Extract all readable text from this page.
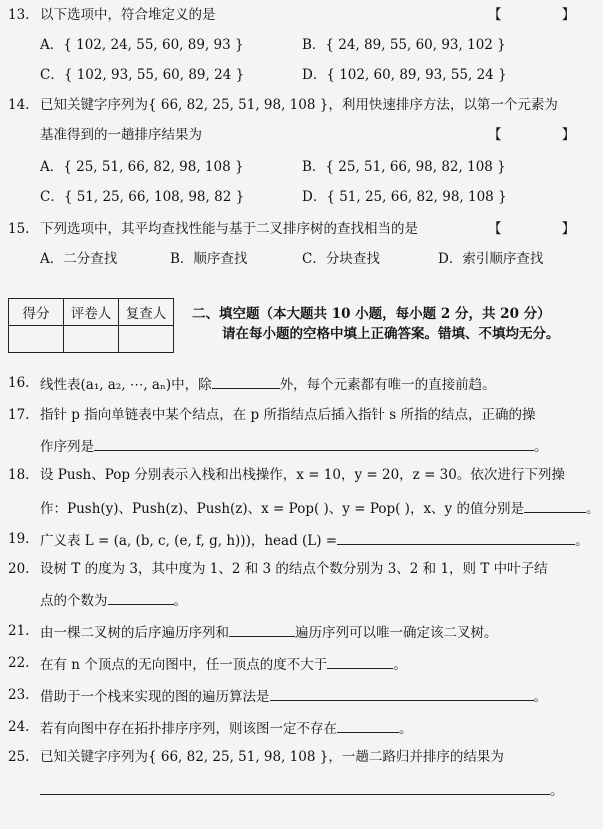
13. 以下选项中，符合堆定义的是	【 】
A．{ 102, 24, 55, 60, 89, 93 }	B．{ 24, 89, 55, 60, 93, 102 }
C．{ 102, 93, 55, 60, 89, 24 }	D．{ 102, 60, 89, 93, 55, 24 }
14. 已知关键字序列为{ 66, 82, 25, 51, 98, 108 }，利用快速排序方法，以第一个元素为
基准得到的一趟排序结果为	【 】
A．{ 25, 51, 66, 82, 98, 108 }	B．{ 25, 51, 66, 98, 82, 108 }
C．{ 51, 25, 66, 108, 98, 82 }	D．{ 51, 25, 66, 82, 98, 108 }
15. 下列选项中，其平均查找性能与基于二叉排序树的查找相当的是	【 】
A．二分查找	B．顺序查找	C．分块查找	D．索引顺序查找
得分	评卷人	复查人
		二、填空题（本大题共 10 小题，每小题 2 分，共 20 分）
请在每小题的空格中填上正确答案。错填、不填均无分。
16. 线性表(a₁, a₂, ⋯, aₙ)中，除	外，每个元素都有唯一的直接前趋。
17. 指针 p 指向单链表中某个结点，在 p 所指结点后插入指针 s 所指的结点，正确的操
作序列是	。
18. 设 Push、Pop 分别表示入栈和出栈操作，x = 10，y = 20，z = 30。依次进行下列操
作：Push(y)、Push(z)、Push(z)、x = Pop( )、y = Pop( )，x、y 的值分别是	。
19. 广义表 L = (a, (b, c, (e, f, g, h)))，head (L) =	。
20. 设树 T 的度为 3，其中度为 1、2 和 3 的结点个数分别为 3、2 和 1，则 T 中叶子结
点的个数为	。
21. 由一棵二叉树的后序遍历序列和	遍历序列可以唯一确定该二叉树。
22. 在有 n 个顶点的无向图中，任一顶点的度不大于	。
23. 借助于一个栈来实现的图的遍历算法是	。
24. 若有向图中存在拓扑排序序列，则该图一定不存在	。
25. 已知关键字序列为{ 66, 82, 25, 51, 98, 108 }，一趟二路归并排序的结果为
。
